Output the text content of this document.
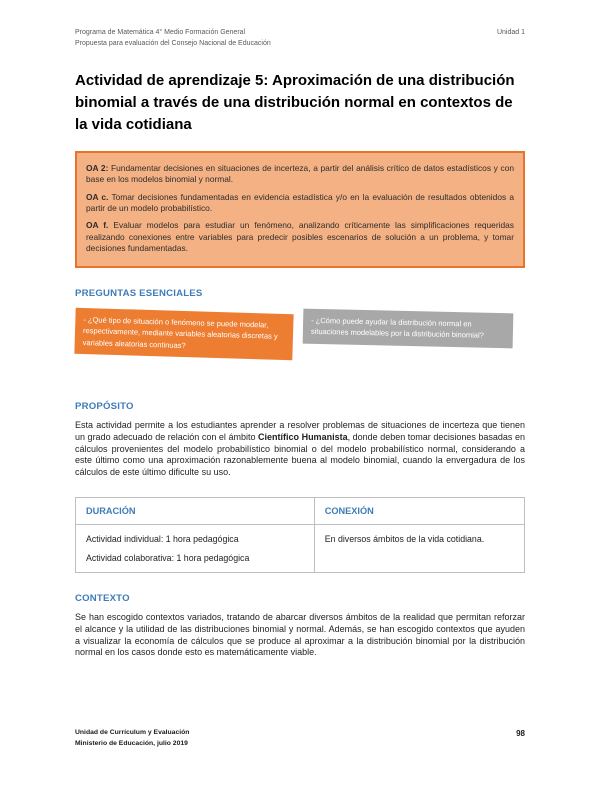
Programa de Matemática 4° Medio Formación General
Propuesta para evaluación del Consejo Nacional de Educación
Unidad 1
Actividad de aprendizaje 5: Aproximación de una distribución binomial a través de una distribución normal en contextos de la vida cotidiana

OA 2: Fundamentar decisiones en situaciones de incerteza, a partir del análisis crítico de datos estadísticos y con base en los modelos binomial y normal.

OA c. Tomar decisiones fundamentadas en evidencia estadística y/o en la evaluación de resultados obtenidos a partir de un modelo probabilístico.

OA f. Evaluar modelos para estudiar un fenómeno, analizando críticamente las simplificaciones requeridas realizando conexiones entre variables para predecir posibles escenarios de solución a un problema, y tomar decisiones fundamentadas.

PREGUNTAS ESENCIALES
- ¿Qué tipo de situación o fenómeno se puede modelar, respectivamente, mediante variables aleatorias discretas y variables aleatorias continuas?
- ¿Cómo puede ayudar la distribución normal en situaciones modelables por la distribución binomial?
PROPÓSITO

Esta actividad permite a los estudiantes aprender a resolver problemas de situaciones de incerteza que tienen un grado adecuado de relación con el ámbito Científico Humanista, donde deben tomar decisiones basadas en cálculos provenientes del modelo probabilístico binomial o del modelo probabilístico normal, considerando a este último como una aproximación razonablemente buena al modelo binomial, cuando la envergadura de los cálculos de este último dificulte su uso.

DURACIÓN	CONEXIÓN

Actividad individual: 1 hora pedagógica
Actividad colaborativa: 1 hora pedagógica	En diversos ámbitos de la vida cotidiana.
CONTEXTO

Se han escogido contextos variados, tratando de abarcar diversos ámbitos de la realidad que permitan reforzar el alcance y la utilidad de las distribuciones binomial y normal. Además, se han escogido contextos que ayuden a visualizar la economía de cálculos que se produce al aproximar a la distribución binomial por la distribución normal en los casos donde esto es matemáticamente viable.

Unidad de Currículum y Evaluación
Ministerio de Educación, julio 2019
98
